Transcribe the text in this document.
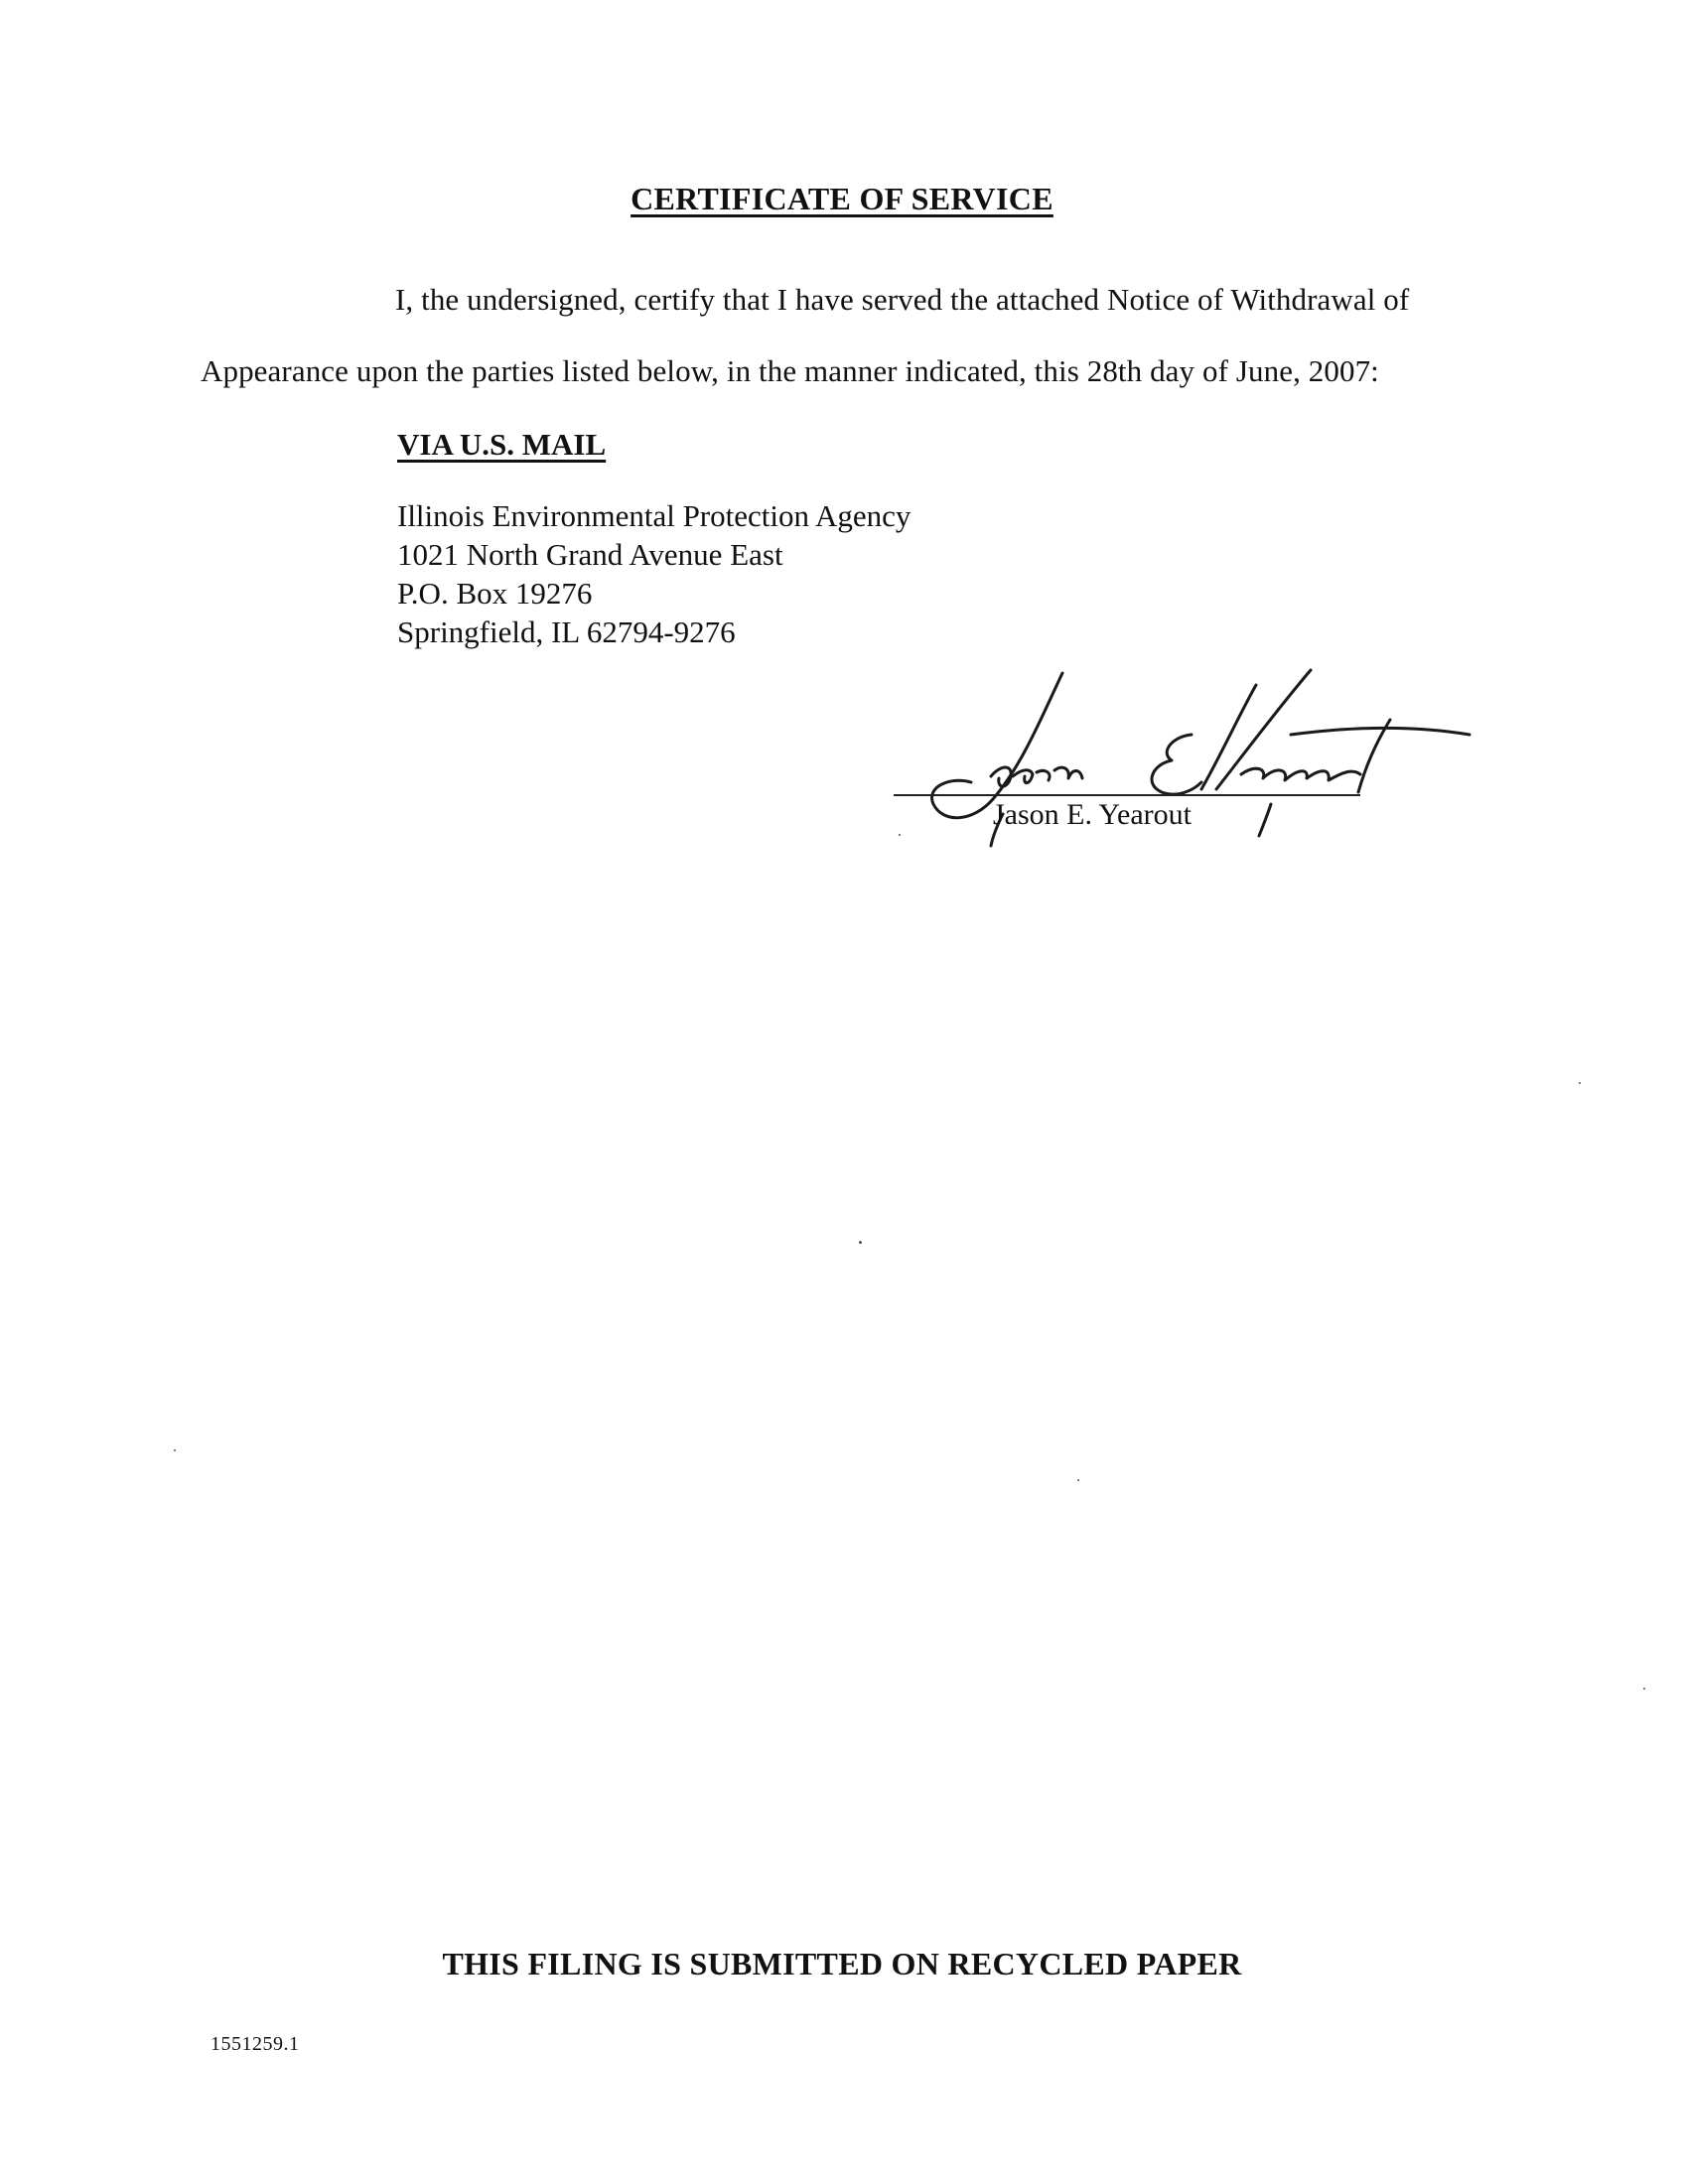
CERTIFICATE OF SERVICE
I, the undersigned, certify that I have served the attached Notice of Withdrawal of
Appearance upon the parties listed below, in the manner indicated, this 28th day of June, 2007:
VIA U.S. MAIL
Illinois Environmental Protection Agency
1021 North Grand Avenue East
P.O. Box 19276
Springfield, IL 62794-9276
Jason E. Yearout
THIS FILING IS SUBMITTED ON RECYCLED PAPER
1551259.1
